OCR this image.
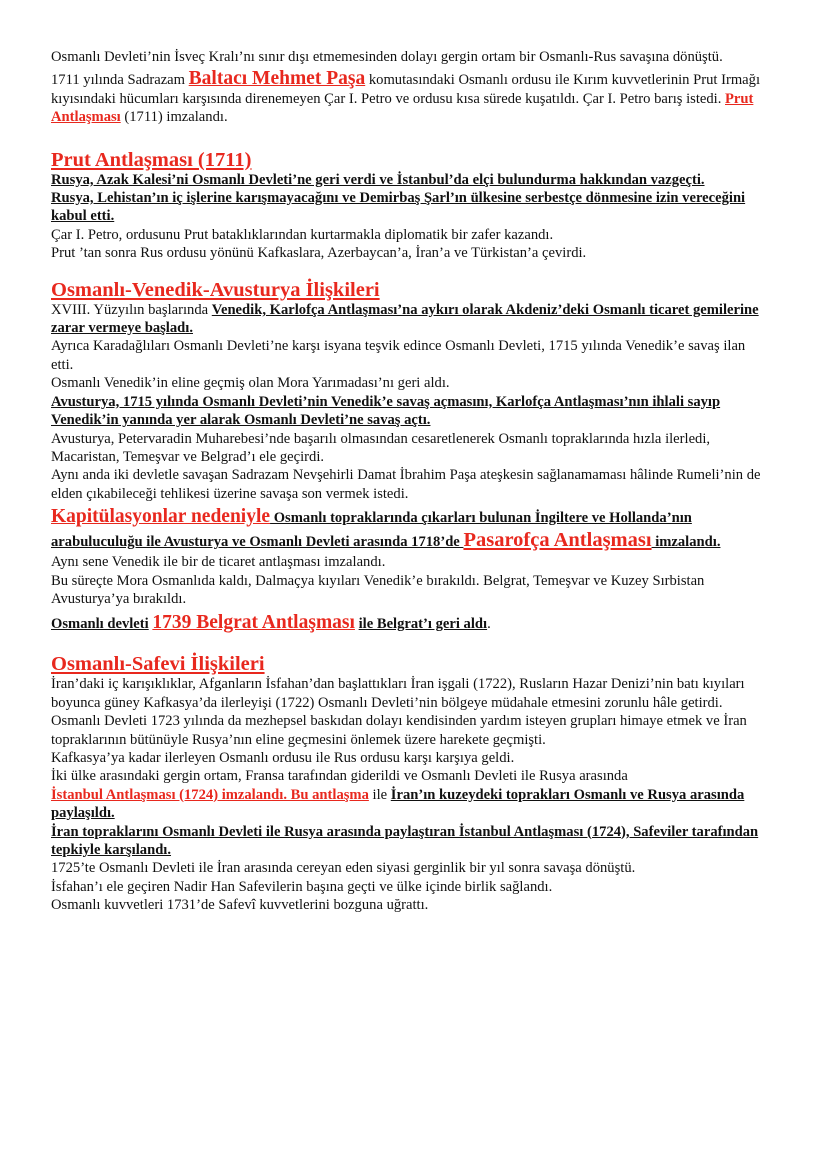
Osmanlı Devleti’nin İsveç Kralı’nı sınır dışı etmemesinden dolayı gergin ortam bir Osmanlı-Rus savaşına dönüştü.

1711 yılında Sadrazam Baltacı Mehmet Paşa komutasındaki Osmanlı ordusu ile Kırım kuvvetlerinin Prut Irmağı kıyısındaki hücumları karşısında direnemeyen Çar I. Petro ve ordusu kısa sürede kuşatıldı. Çar I. Petro barış istedi. Prut Antlaşması (1711) imzalandı.

Prut Antlaşması (1711)

Rusya, Azak Kalesi’ni Osmanlı Devleti’ne geri verdi ve İstanbul’da elçi bulundurma hakkından vazgeçti.

Rusya, Lehistan’ın iç işlerine karışmayacağını ve Demirbaş Şarl’ın ülkesine serbestçe dönmesine izin vereceğini kabul etti.

Çar I. Petro, ordusunu Prut bataklıklarından kurtarmakla diplomatik bir zafer kazandı.

Prut ’tan sonra Rus ordusu yönünü Kafkaslara, Azerbaycan’a, İran’a ve Türkistan’a çevirdi.

Osmanlı-Venedik-Avusturya İlişkileri

XVIII. Yüzyılın başlarında Venedik, Karlofça Antlaşması’na aykırı olarak Akdeniz’deki Osmanlı ticaret gemilerine zarar vermeye başladı.

Ayrıca Karadağlıları Osmanlı Devleti’ne karşı isyana teşvik edince Osmanlı Devleti, 1715 yılında Venedik’e savaş ilan etti.

Osmanlı Venedik’in eline geçmiş olan Mora Yarımadası’nı geri aldı.

Avusturya, 1715 yılında Osmanlı Devleti’nin Venedik’e savaş açmasını, Karlofça Antlaşması’nın ihlali sayıp Venedik’in yanında yer alarak Osmanlı Devleti’ne savaş açtı.

Avusturya, Petervaradin Muharebesi’nde başarılı olmasından cesaretlenerek Osmanlı topraklarında hızla ilerledi, Macaristan, Temeşvar ve Belgrad’ı ele geçirdi.

Aynı anda iki devletle savaşan Sadrazam Nevşehirli Damat İbrahim Paşa ateşkesin sağlanamaması hâlinde Rumeli’nin de elden çıkabileceği tehlikesi üzerine savaşa son vermek istedi.

Kapitülasyonlar nedeniyle Osmanlı topraklarında çıkarları bulunan İngiltere ve Hollanda’nın arabuluculuğu ile Avusturya ve Osmanlı Devleti arasında 1718’de Pasarofça Antlaşması imzalandı.

Aynı sene Venedik ile bir de ticaret antlaşması imzalandı.

Bu süreçte Mora Osmanlıda kaldı, Dalmaçya kıyıları Venedik’e bırakıldı. Belgrat, Temeşvar ve Kuzey Sırbistan Avusturya’ya bırakıldı.

Osmanlı devleti 1739 Belgrat Antlaşması ile Belgrat’ı geri aldı.

Osmanlı-Safevi İlişkileri

İran’daki iç karışıklıklar, Afganların İsfahan’dan başlattıkları İran işgali (1722), Rusların Hazar Denizi’nin batı kıyıları boyunca güney Kafkasya’da ilerleyişi (1722) Osmanlı Devleti’nin bölgeye müdahale etmesini zorunlu hâle getirdi.

Osmanlı Devleti 1723 yılında da mezhepsel baskıdan dolayı kendisinden yardım isteyen grupları himaye etmek ve İran topraklarının bütünüyle Rusya’nın eline geçmesini önlemek üzere harekete geçmişti.

Kafkasya’ya kadar ilerleyen Osmanlı ordusu ile Rus ordusu karşı karşıya geldi.

İki ülke arasındaki gergin ortam, Fransa tarafından giderildi ve Osmanlı Devleti ile Rusya arasında

İstanbul Antlaşması (1724) imzalandı. Bu antlaşma ile İran’ın kuzeydeki toprakları Osmanlı ve Rusya arasında paylaşıldı.

İran topraklarını Osmanlı Devleti ile Rusya arasında paylaştıran İstanbul Antlaşması (1724), Safeviler tarafından tepkiyle karşılandı.

1725’te Osmanlı Devleti ile İran arasında cereyan eden siyasi gerginlik bir yıl sonra savaşa dönüştü.

İsfahan’ı ele geçiren Nadir Han Safevilerin başına geçti ve ülke içinde birlik sağlandı.

Osmanlı kuvvetleri 1731’de Safevî kuvvetlerini bozguna uğrattı.
